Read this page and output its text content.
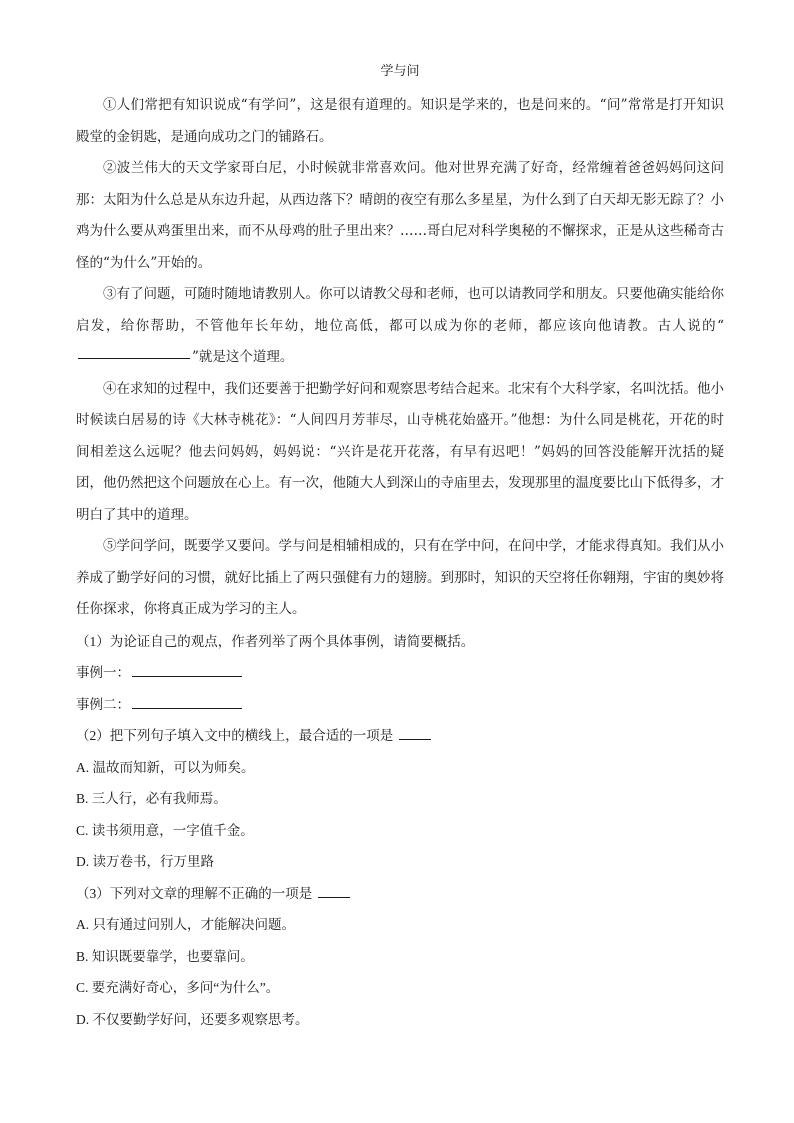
学与问

①人们常把有知识说成“有学问”，这是很有道理的。知识是学来的，也是问来的。“问”常常是打开知识殿堂的金钥匙，是通向成功之门的铺路石。

②波兰伟大的天文学家哥白尼，小时候就非常喜欢问。他对世界充满了好奇，经常缠着爸爸妈妈问这问那：太阳为什么总是从东边升起，从西边落下？晴朗的夜空有那么多星星，为什么到了白天却无影无踪了？小鸡为什么要从鸡蛋里出来，而不从母鸡的肚子里出来？……哥白尼对科学奥秘的不懈探求，正是从这些稀奇古怪的“为什么”开始的。

③有了问题，可随时随地请教别人。你可以请教父母和老师，也可以请教同学和朋友。只要他确实能给你启发，给你帮助，不管他年长年幼，地位高低，都可以成为你的老师，都应该向他请教。古人说的“”就是这个道理。

④在求知的过程中，我们还要善于把勤学好问和观察思考结合起来。北宋有个大科学家，名叫沈括。他小时候读白居易的诗《大林寺桃花》：“人间四月芳菲尽，山寺桃花始盛开。”他想：为什么同是桃花，开花的时间相差这么远呢？他去问妈妈，妈妈说：“兴许是花开花落，有早有迟吧！”妈妈的回答没能解开沈括的疑团，他仍然把这个问题放在心上。有一次，他随大人到深山的寺庙里去，发现那里的温度要比山下低得多，才明白了其中的道理。

⑤学问学问，既要学又要问。学与问是相辅相成的，只有在学中问，在问中学，才能求得真知。我们从小养成了勤学好问的习惯，就好比插上了两只强健有力的翅膀。到那时，知识的天空将任你翱翔，宇宙的奥妙将任你探求，你将真正成为学习的主人。

（1）为论证自己的观点，作者列举了两个具体事例，请简要概括。

事例一：

事例二：

（2）把下列句子填入文中的横线上，最合适的一项是

A. 温故而知新，可以为师矣。

B. 三人行，必有我师焉。

C. 读书须用意，一字值千金。

D. 读万卷书，行万里路

（3）下列对文章的理解不正确的一项是

A. 只有通过问别人，才能解决问题。

B. 知识既要靠学，也要靠问。

C. 要充满好奇心，多问“为什么”。

D. 不仅要勤学好问，还要多观察思考。
